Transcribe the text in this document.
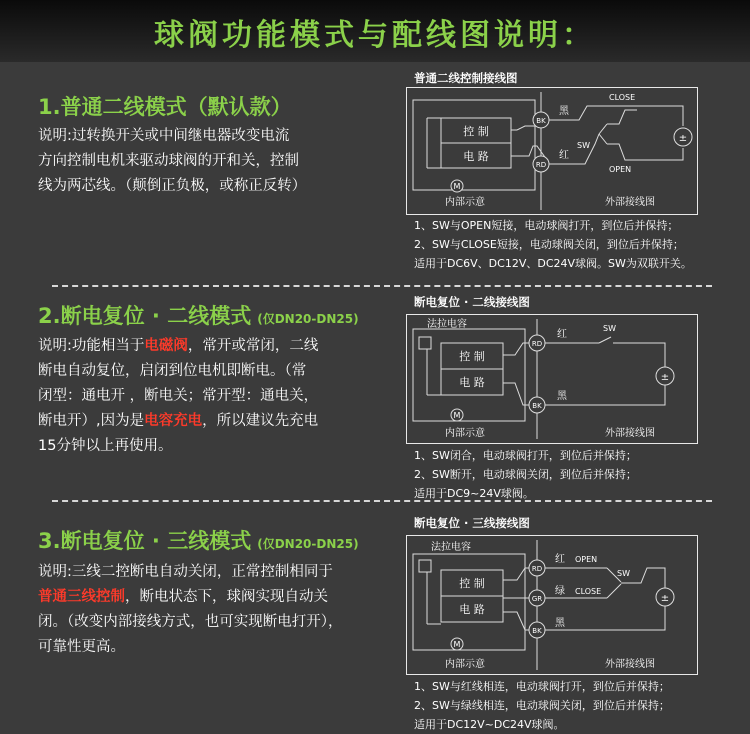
球阀功能模式与配线图说明：
1.普通二线模式（默认款）
说明:过转换开关或中间继电器改变电流
方向控制电机来驱动球阀的开和关，控制
线为两芯线。（颠倒正负极，或称正反转）
普通二线控制接线图
控 制
电 路
M
BK
RD
黑
红
±
CLOSE
OPEN
SW
内部示意	外部接线图
1、SW与OPEN短接，电动球阀打开，到位后并保持；
2、SW与CLOSE短接，电动球阀关闭，到位后并保持；
适用于DC6V、DC12V、DC24V球阀。SW为双联开关。
2.断电复位 · 二线模式 (仅DN20-DN25)
说明:功能相当于电磁阀，常开或常闭，二线
断电自动复位，启闭到位电机即断电。（常
闭型：通电开 ，断电关；常开型：通电关，
断电开）,因为是电容充电，所以建议先充电
15分钟以上再使用。
断电复位 · 二线接线图
法拉电容
控 制
电 路
M
RD
BK
红
黑
SW
±
内部示意	外部接线图
1、SW闭合，电动球阀打开，到位后并保持；
2、SW断开，电动球阀关闭，到位后并保持；
适用于DC9~24V球阀。
3.断电复位 · 三线模式 (仅DN20-DN25)
说明:三线二控断电自动关闭，正常控制相同于
普通三线控制，断电状态下，球阀实现自动关
闭。（改变内部接线方式，也可实现断电打开），
可靠性更高。
断电复位 · 三线接线图
法拉电容
控 制
电 路
M
RD
GR
BK
红 OPEN
绿 CLOSE
黑
SW
±
内部示意	外部接线图
1、SW与红线相连，电动球阀打开，到位后并保持；
2、SW与绿线相连，电动球阀关闭，到位后并保持；
适用于DC12V~DC24V球阀。
